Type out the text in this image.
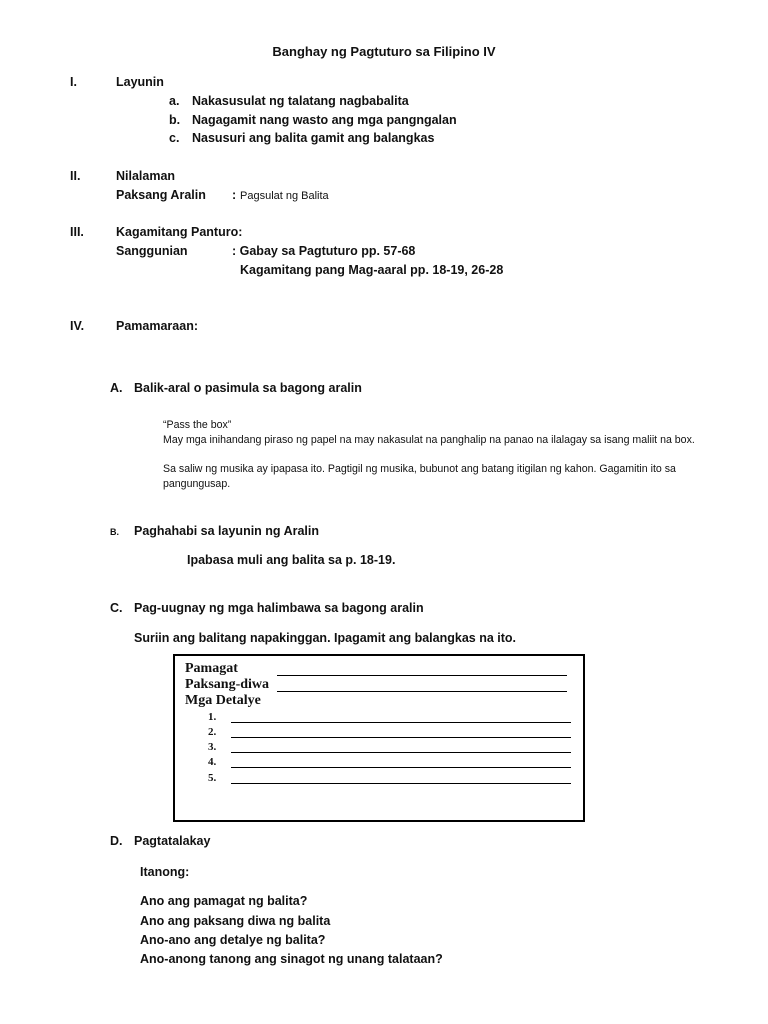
Banghay ng Pagtuturo sa Filipino IV
I.	Layunin
a. Nakasusulat ng talatang nagbabalita
b. Nagagamit nang wasto ang mga pangngalan
c. Nasusuri ang balita gamit ang balangkas
II.	Nilalaman
Paksang Aralin : Pagsulat ng Balita
III.	Kagamitang Panturo:
Sanggunian	: Gabay sa Pagtuturo pp. 57-68
Kagamitang pang Mag-aaral pp. 18-19, 26-28
IV.	Pamamaraan:
A. Balik-aral o pasimula sa bagong aralin
“Pass the box”
May mga inihandang piraso ng papel na may nakasulat na panghalip na panao na ilalagay sa isang maliit na box.
Sa saliw ng musika ay ipapasa ito. Pagtigil ng musika, bubunot ang batang itigilan ng kahon. Gagamitin ito sa pangungusap.
B. Paghahabi sa layunin ng Aralin
Ipabasa muli ang balita sa p. 18-19.
C. Pag-uugnay ng mga halimbawa sa bagong aralin
Suriin ang balitang napakinggan. Ipagamit ang balangkas na ito.
Pamagat
Paksang-diwa
Mga Detalye
1.
2.
3.
4.
5.
D. Pagtatalakay
Itanong:
Ano ang pamagat ng balita?
Ano ang paksang diwa ng balita
Ano-ano ang detalye ng balita?
Ano-anong tanong ang sinagot ng unang talataan?
